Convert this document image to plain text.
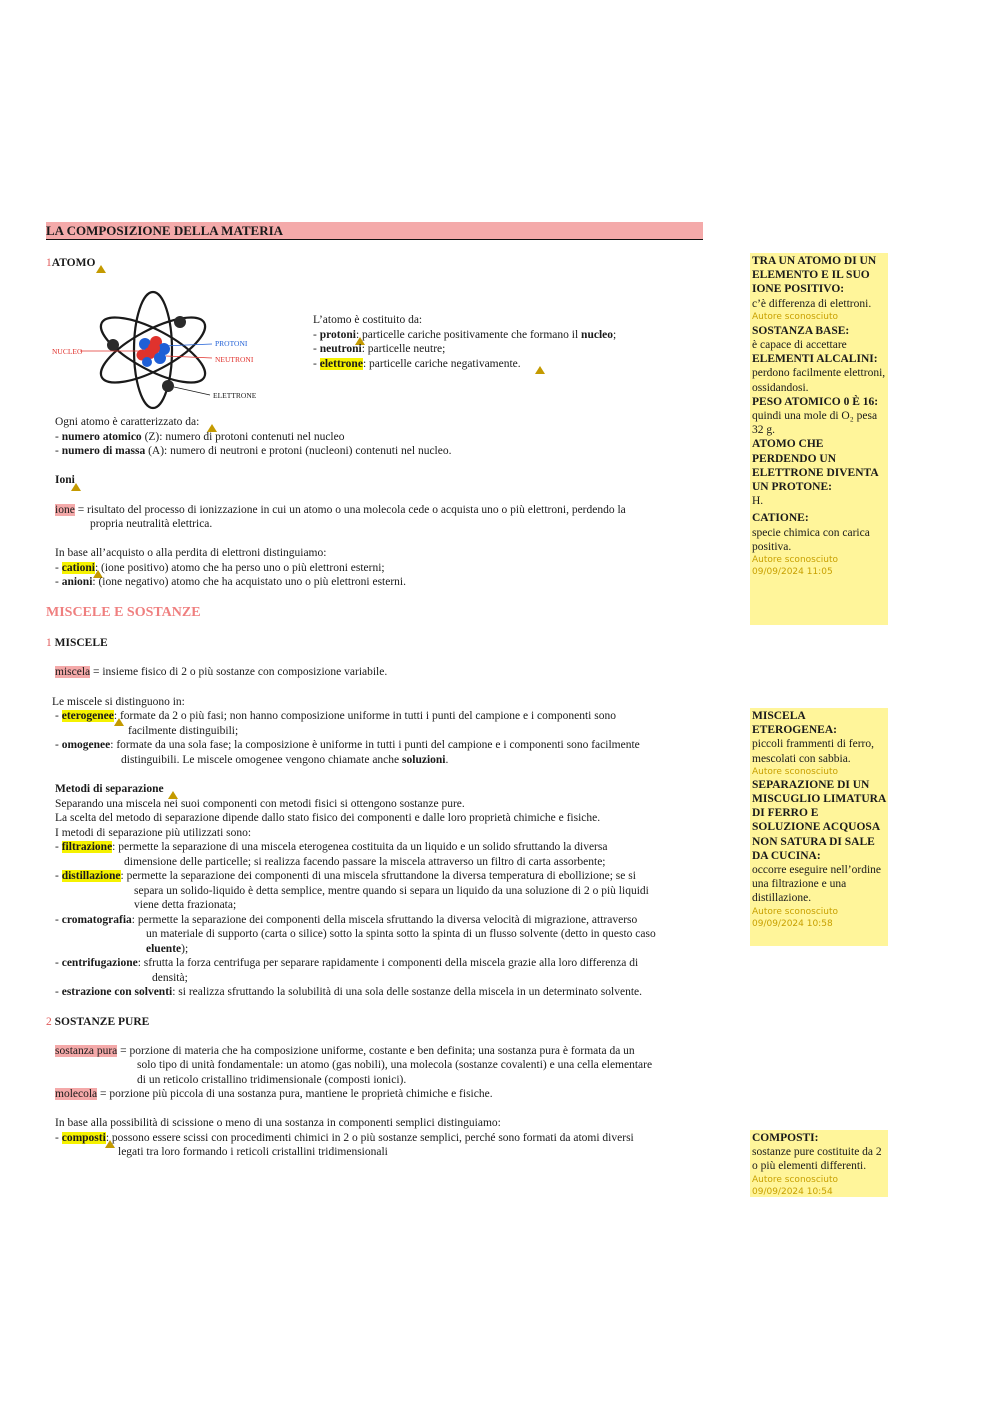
LA COMPOSIZIONE DELLA MATERIA
1ATOMO
NUCLEO
PROTONI
NEUTRONI
ELETTRONE
L’atomo è costituito da:
- protoni: particelle cariche positivamente che formano il nucleo;
- neutroni: particelle neutre;
- elettrone: particelle cariche negativamente.
Ogni atomo è caratterizzato da:
- numero atomico (Z): numero di protoni contenuti nel nucleo
- numero di massa (A): numero di neutroni e protoni (nucleoni) contenuti nel nucleo.
Ioni
ione = risultato del processo di ionizzazione in cui un atomo o una molecola cede o acquista uno o più elettroni, perdendo la
propria neutralità elettrica.
In base all’acquisto o alla perdita di elettroni distinguiamo:
- cationi: (ione positivo) atomo che ha perso uno o più elettroni esterni;
- anioni: (ione negativo) atomo che ha acquistato uno o più elettroni esterni.
MISCELE E SOSTANZE
1 MISCELE
miscela = insieme fisico di 2 o più sostanze con composizione variabile.
Le miscele si distinguono in:
- eterogenee: formate da 2 o più fasi; non hanno composizione uniforme in tutti i punti del campione e i componenti sono
facilmente distinguibili;
- omogenee: formate da una sola fase; la composizione è uniforme in tutti i punti del campione e i componenti sono facilmente
distinguibili. Le miscele omogenee vengono chiamate anche soluzioni.
Metodi di separazione
Separando una miscela nei suoi componenti con metodi fisici si ottengono sostanze pure.
La scelta del metodo di separazione dipende dallo stato fisico dei componenti e dalle loro proprietà chimiche e fisiche.
I metodi di separazione più utilizzati sono:
- filtrazione: permette la separazione di una miscela eterogenea costituita da un liquido e un solido sfruttando la diversa
dimensione delle particelle; si realizza facendo passare la miscela attraverso un filtro di carta assorbente;
- distillazione: permette la separazione dei componenti di una miscela sfruttandone la diversa temperatura di ebollizione; se si
separa un solido-liquido è detta semplice, mentre quando si separa un liquido da una soluzione di 2 o più liquidi
viene detta frazionata;
- cromatografia: permette la separazione dei componenti della miscela sfruttando la diversa velocità di migrazione, attraverso
un materiale di supporto (carta o silice) sotto la spinta sotto la spinta di un flusso solvente (detto in questo caso
eluente);
- centrifugazione: sfrutta la forza centrifuga per separare rapidamente i componenti della miscela grazie alla loro differenza di
densità;
- estrazione con solventi: si realizza sfruttando la solubilità di una sola delle sostanze della miscela in un determinato solvente.
2 SOSTANZE PURE
sostanza pura = porzione di materia che ha composizione uniforme, costante e ben definita; una sostanza pura è formata da un
solo tipo di unità fondamentale: un atomo (gas nobili), una molecola (sostanze covalenti) e una cella elementare
di un reticolo cristallino tridimensionale (composti ionici).
molecola = porzione più piccola di una sostanza pura, mantiene le proprietà chimiche e fisiche.
In base alla possibilità di scissione o meno di una sostanza in componenti semplici distinguiamo:
- composti: possono essere scissi con procedimenti chimici in 2 o più sostanze semplici, perché sono formati da atomi diversi
legati tra loro formando i reticoli cristallini tridimensionali
TRA UN ATOMO DI UN ELEMENTO E IL SUO IONE POSITIVO:
c’è differenza di elettroni.
Autore sconosciuto
SOSTANZA BASE:
è capace di accettare
ELEMENTI ALCALINI:
perdono facilmente elettroni, ossidandosi.
PESO ATOMICO 0 È 16:
quindi una mole di O₂ pesa 32 g.
ATOMO CHE PERDENDO UN ELETTRONE DIVENTA UN PROTONE:
H.
CATIONE:
specie chimica con carica positiva.
Autore sconosciuto
09/09/2024 11:05
MISCELA ETEROGENEA:
piccoli frammenti di ferro, mescolati con sabbia.
Autore sconosciuto
SEPARAZIONE DI UN MISCUGLIO LIMATURA DI FERRO E SOLUZIONE ACQUOSA NON SATURA DI SALE DA CUCINA:
occorre eseguire nell’ordine una filtrazione e una distillazione.
Autore sconosciuto
09/09/2024 10:58
COMPOSTI:
sostanze pure costituite da 2 o più elementi differenti.
Autore sconosciuto
09/09/2024 10:54
